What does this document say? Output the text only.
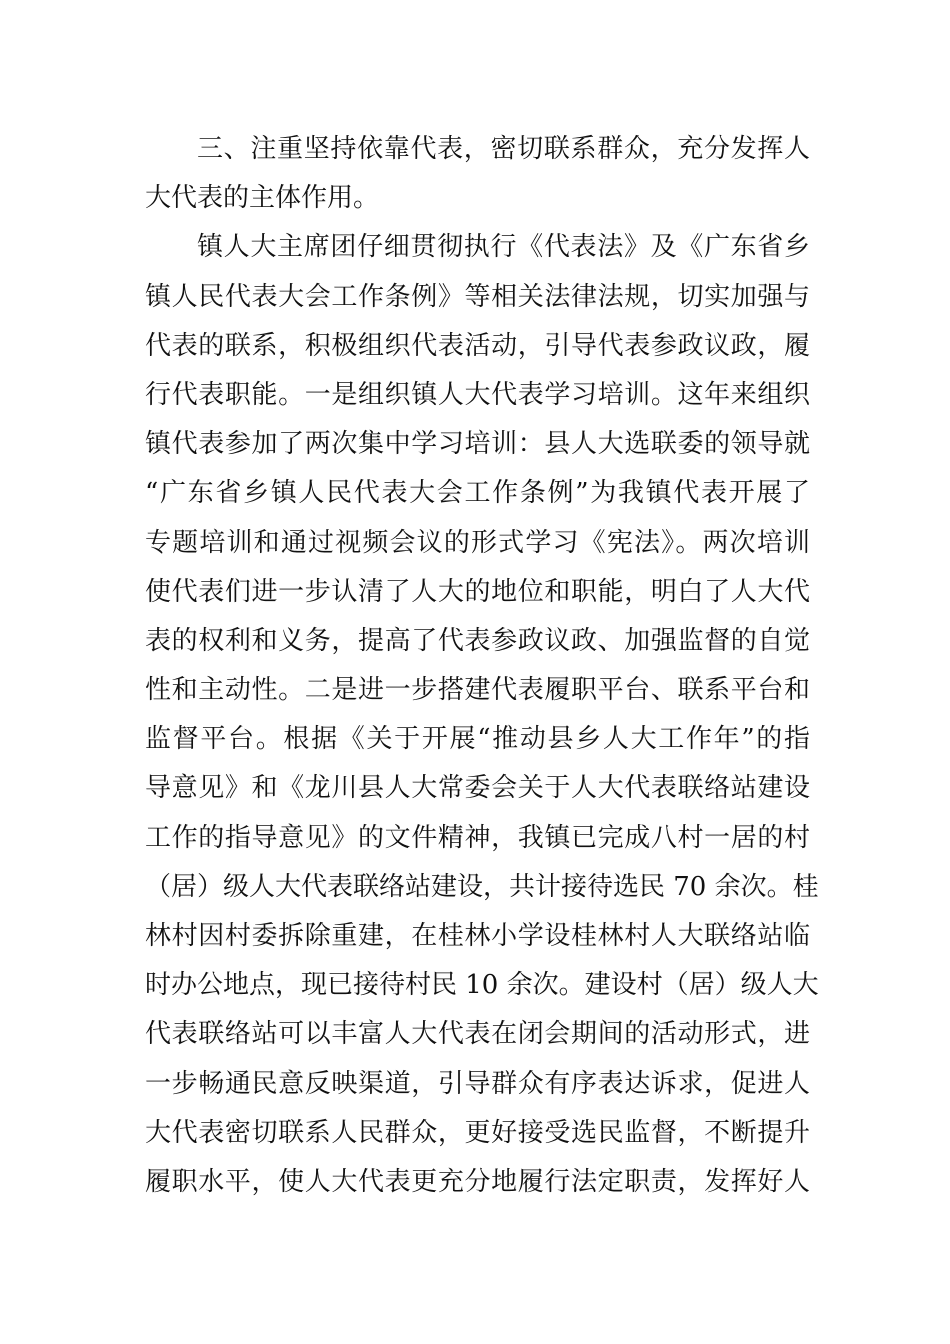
三、注重坚持依靠代表，密切联系群众，充分发挥人
大代表的主体作用。
镇人大主席团仔细贯彻执行《代表法》及《广东省乡
镇人民代表大会工作条例》等相关法律法规，切实加强与
代表的联系，积极组织代表活动，引导代表参政议政，履
行代表职能。一是组织镇人大代表学习培训。这年来组织
镇代表参加了两次集中学习培训：县人大选联委的领导就
“广东省乡镇人民代表大会工作条例”为我镇代表开展了
专题培训和通过视频会议的形式学习《宪法》。两次培训
使代表们进一步认清了人大的地位和职能，明白了人大代
表的权利和义务，提高了代表参政议政、加强监督的自觉
性和主动性。二是进一步搭建代表履职平台、联系平台和
监督平台。根据《关于开展“推动县乡人大工作年”的指
导意见》和《龙川县人大常委会关于人大代表联络站建设
工作的指导意见》的文件精神，我镇已完成八村一居的村
（居）级人大代表联络站建设，共计接待选民 70 余次。桂
林村因村委拆除重建，在桂林小学设桂林村人大联络站临
时办公地点，现已接待村民 10 余次。建设村（居）级人大
代表联络站可以丰富人大代表在闭会期间的活动形式，进
一步畅通民意反映渠道，引导群众有序表达诉求，促进人
大代表密切联系人民群众，更好接受选民监督，不断提升
履职水平，使人大代表更充分地履行法定职责，发挥好人
